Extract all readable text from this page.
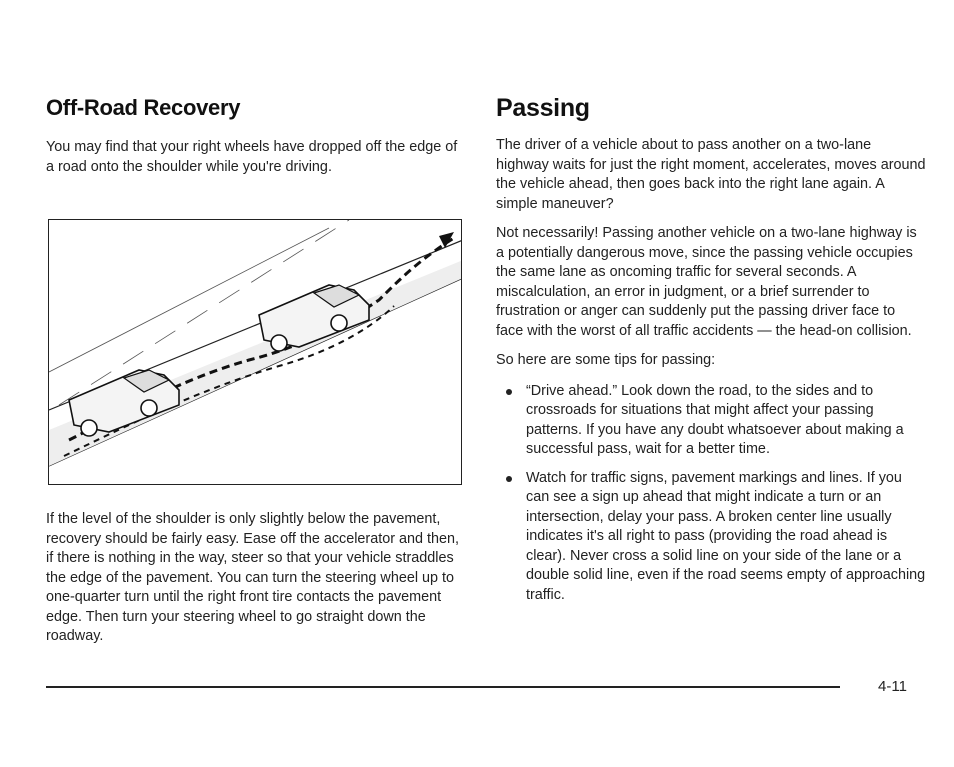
Off-Road Recovery

You may find that your right wheels have dropped off the edge of a road onto the shoulder while you're driving.

If the level of the shoulder is only slightly below the pavement, recovery should be fairly easy. Ease off the accelerator and then, if there is nothing in the way, steer so that your vehicle straddles the edge of the pavement. You can turn the steering wheel up to one-quarter turn until the right front tire contacts the pavement edge. Then turn your steering wheel to go straight down the roadway.

Passing

The driver of a vehicle about to pass another on a two-lane highway waits for just the right moment, accelerates, moves around the vehicle ahead, then goes back into the right lane again. A simple maneuver?

Not necessarily! Passing another vehicle on a two-lane highway is a potentially dangerous move, since the passing vehicle occupies the same lane as oncoming traffic for several seconds. A miscalculation, an error in judgment, or a brief surrender to frustration or anger can suddenly put the passing driver face to face with the worst of all traffic accidents — the head-on collision.

So here are some tips for passing:

“Drive ahead.” Look down the road, to the sides and to crossroads for situations that might affect your passing patterns. If you have any doubt whatsoever about making a successful pass, wait for a better time.
Watch for traffic signs, pavement markings and lines. If you can see a sign up ahead that might indicate a turn or an intersection, delay your pass. A broken center line usually indicates it's all right to pass (providing the road ahead is clear). Never cross a solid line on your side of the lane or a double solid line, even if the road seems empty of approaching traffic.
4-11
